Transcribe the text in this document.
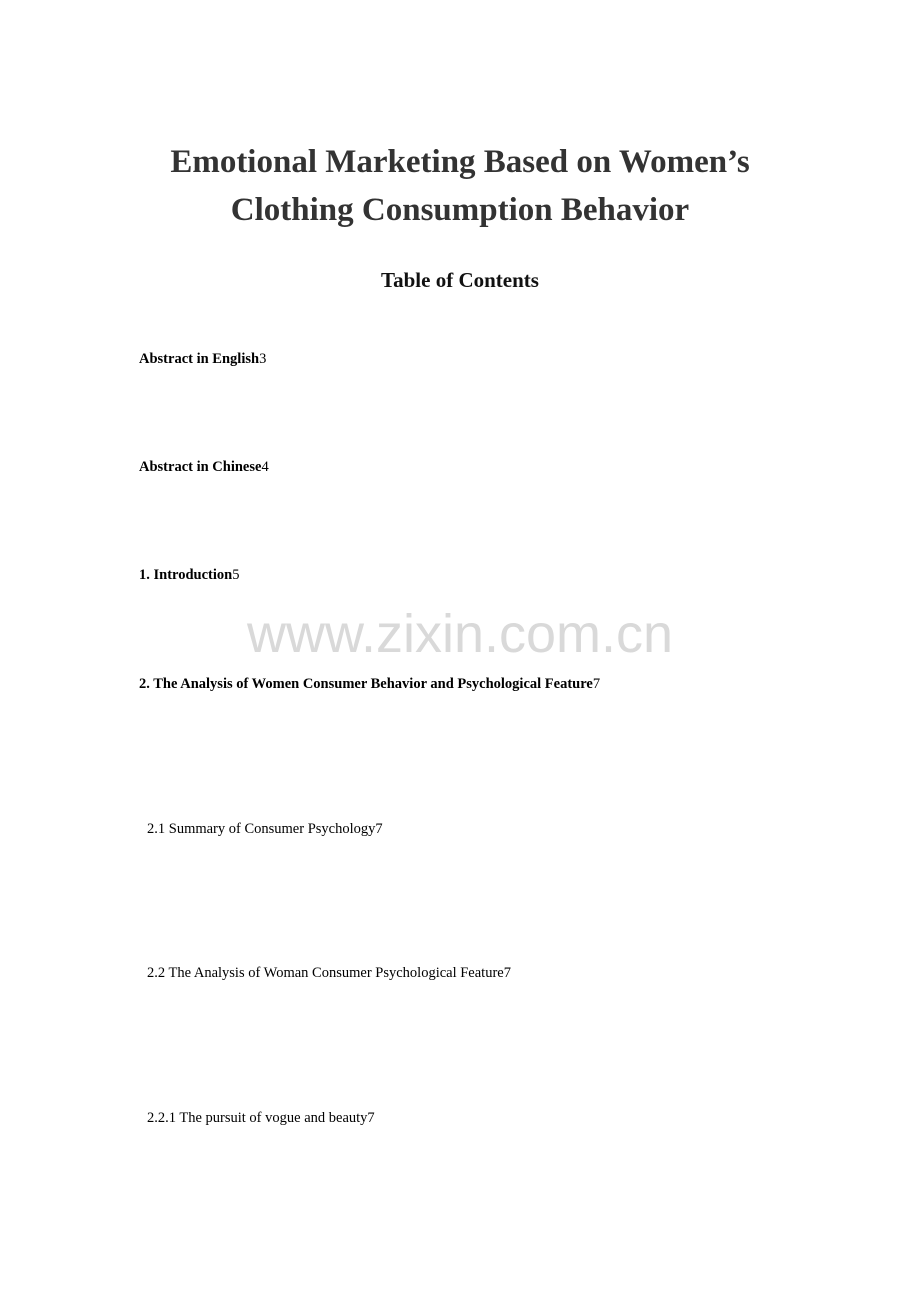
Emotional Marketing Based on Women’s
Clothing Consumption Behavior
Table of Contents
Abstract in English3
Abstract in Chinese4
1. Introduction5
2. The Analysis of Women Consumer Behavior and Psychological Feature7
2.1 Summary of Consumer Psychology7
2.2 The Analysis of Woman Consumer Psychological Feature7
2.2.1 The pursuit of vogue and beauty7
www.zixin.com.cn
